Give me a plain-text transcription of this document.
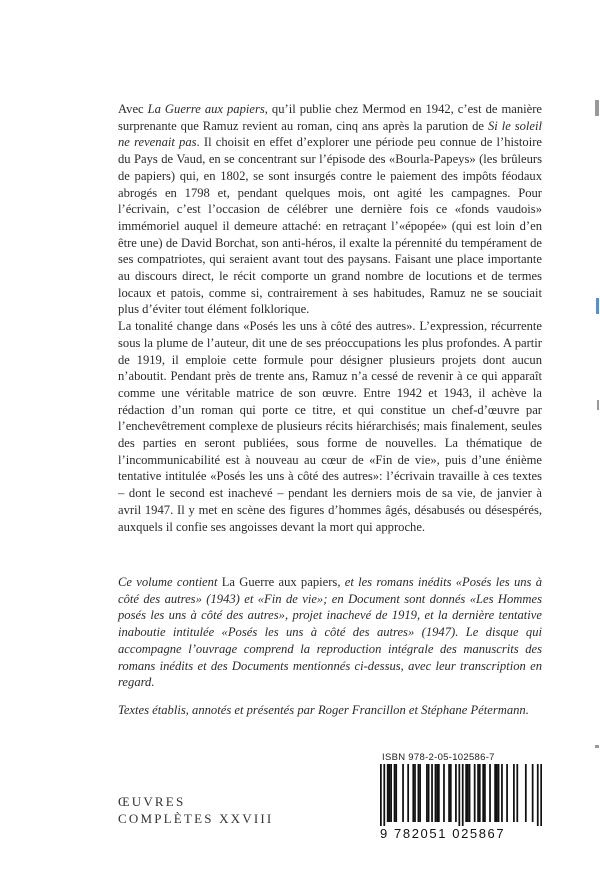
Avec La Guerre aux papiers, qu’il publie chez Mermod en 1942, c’est de manière surprenante que Ramuz revient au roman, cinq ans après la parution de Si le soleil ne revenait pas. Il choisit en effet d’explorer une période peu connue de l’histoire du Pays de Vaud, en se concentrant sur l’épisode des «Bourla-Papeys» (les brûleurs de papiers) qui, en 1802, se sont insurgés contre le paiement des impôts féodaux abrogés en 1798 et, pendant quelques mois, ont agité les campagnes. Pour l’écrivain, c’est l’occasion de célébrer une dernière fois ce «fonds vaudois» immémoriel auquel il demeure attaché: en retraçant l’«épopée» (qui est loin d’en être une) de David Borchat, son anti-héros, il exalte la pérennité du tempérament de ses compatriotes, qui seraient avant tout des paysans. Faisant une place importante au discours direct, le récit comporte un grand nombre de locutions et de termes locaux et patois, comme si, contrairement à ses habitudes, Ramuz ne se souciait plus d’éviter tout élément folklorique.

La tonalité change dans «Posés les uns à côté des autres». L’expression, récurrente sous la plume de l’auteur, dit une de ses préoccupations les plus profondes. A partir de 1919, il emploie cette formule pour désigner plusieurs projets dont aucun n’aboutit. Pendant près de trente ans, Ramuz n’a cessé de revenir à ce qui apparaît comme une véritable matrice de son œuvre. Entre 1942 et 1943, il achève la rédaction d’un roman qui porte ce titre, et qui constitue un chef-d’œuvre par l’enchevêtrement complexe de plusieurs récits hiérarchisés; mais finalement, seules des parties en seront publiées, sous forme de nouvelles. La thématique de l’incommunicabilité est à nouveau au cœur de «Fin de vie», puis d’une énième tentative intitulée «Posés les uns à côté des autres»: l’écrivain travaille à ces textes – dont le second est inachevé – pendant les derniers mois de sa vie, de janvier à avril 1947. Il y met en scène des figures d’hommes âgés, désabusés ou désespérés, auxquels il confie ses angoisses devant la mort qui approche.

Ce volume contient La Guerre aux papiers, et les romans inédits «Posés les uns à côté des autres» (1943) et «Fin de vie»; en Document sont donnés «Les Hommes posés les uns à côté des autres», projet inachevé de 1919, et la dernière tentative inaboutie intitulée «Posés les uns à côté des autres» (1947). Le disque qui accompagne l’ouvrage comprend la reproduction intégrale des manuscrits des romans inédits et des Documents mentionnés ci-dessus, avec leur transcription en regard.
Textes établis, annotés et présentés par Roger Francillon et Stéphane Pétermann.
ŒUVRES
COMPLÈTES XXVIII
ISBN 978-2-05-102586-7
9 782051 025867
